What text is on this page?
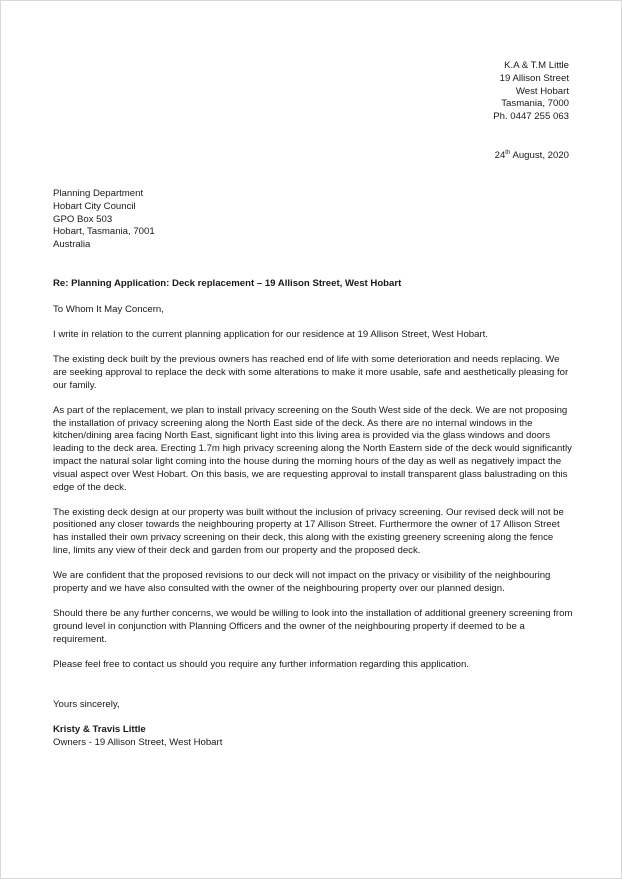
K.A & T.M Little
19 Allison Street
West Hobart
Tasmania, 7000
Ph. 0447 255 063
24th August, 2020
Planning Department
Hobart City Council
GPO Box 503
Hobart, Tasmania, 7001
Australia
Re: Planning Application: Deck replacement – 19 Allison Street, West Hobart
To Whom It May Concern,

I write in relation to the current planning application for our residence at 19 Allison Street, West Hobart.

The existing deck built by the previous owners has reached end of life with some deterioration and needs replacing. We are seeking approval to replace the deck with some alterations to make it more usable, safe and aesthetically pleasing for our family.

As part of the replacement, we plan to install privacy screening on the South West side of the deck. We are not proposing the installation of privacy screening along the North East side of the deck. As there are no internal windows in the kitchen/dining area facing North East, significant light into this living area is provided via the glass windows and doors leading to the deck area. Erecting 1.7m high privacy screening along the North Eastern side of the deck would significantly impact the natural solar light coming into the house during the morning hours of the day as well as negatively impact the visual aspect over West Hobart. On this basis, we are requesting approval to install transparent glass balustrading on this edge of the deck.

The existing deck design at our property was built without the inclusion of privacy screening. Our revised deck will not be positioned any closer towards the neighbouring property at 17 Allison Street. Furthermore the owner of 17 Allison Street has installed their own privacy screening on their deck, this along with the existing greenery screening along the fence line, limits any view of their deck and garden from our property and the proposed deck.

We are confident that the proposed revisions to our deck will not impact on the privacy or visibility of the neighbouring property and we have also consulted with the owner of the neighbouring property over our planned design.

Should there be any further concerns, we would be willing to look into the installation of additional greenery screening from ground level in conjunction with Planning Officers and the owner of the neighbouring property if deemed to be a requirement.

Please feel free to contact us should you require any further information regarding this application.

Yours sincerely,
Kristy & Travis Little
Owners - 19 Allison Street, West Hobart
